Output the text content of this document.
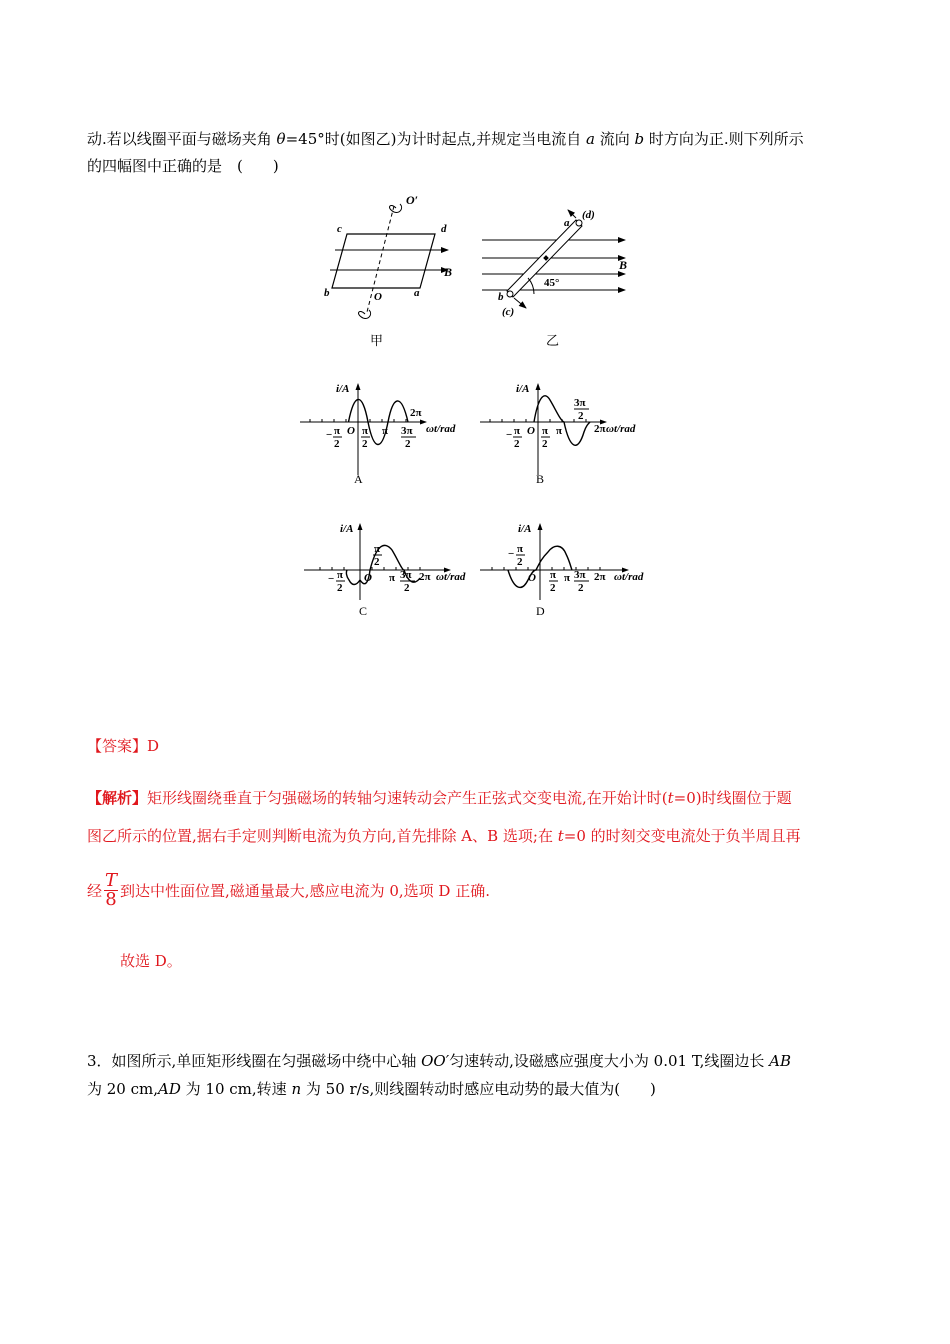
动.若以线圈平面与磁场夹角 θ=45°时(如图乙)为计时起点,并规定当电流自 a 流向 b 时方向为正.则下列所示
的四幅图中正确的是　(　　)
O′
O
c	d
b	a
B
甲
a
(d)
b
(c)
B
45°
乙
i/A
ωt/rad
O
− π
2
π
2
π 3π
2
2π
A
i/A
ωt/rad
O
− π
2
π
2
π
3π
2
2π
B
i/A
ωt/rad
O
π
2
− π
2
π 3π
2
2π
C
i/A
ωt/rad
O
− π
2
π
2
π 3π
2
2π
D
【答案】D
【解析】矩形线圈绕垂直于匀强磁场的转轴匀速转动会产生正弦式交变电流,在开始计时(t=0)时线圈位于题
图乙所示的位置,据右手定则判断电流为负方向,首先排除 A、B 选项;在 t=0 的时刻交变电流处于负半周且再
经 $\frac{T}{8}$ 到达中性面位置,磁通量最大,感应电流为 0,选项 D 正确.
故选 D。
3．如图所示,单匝矩形线圈在匀强磁场中绕中心轴 OO′匀速转动,设磁感应强度大小为 0.01 T,线圈边长 AB
为 20 cm,AD 为 10 cm,转速 n 为 50 r/s,则线圈转动时感应电动势的最大值为(　　)
